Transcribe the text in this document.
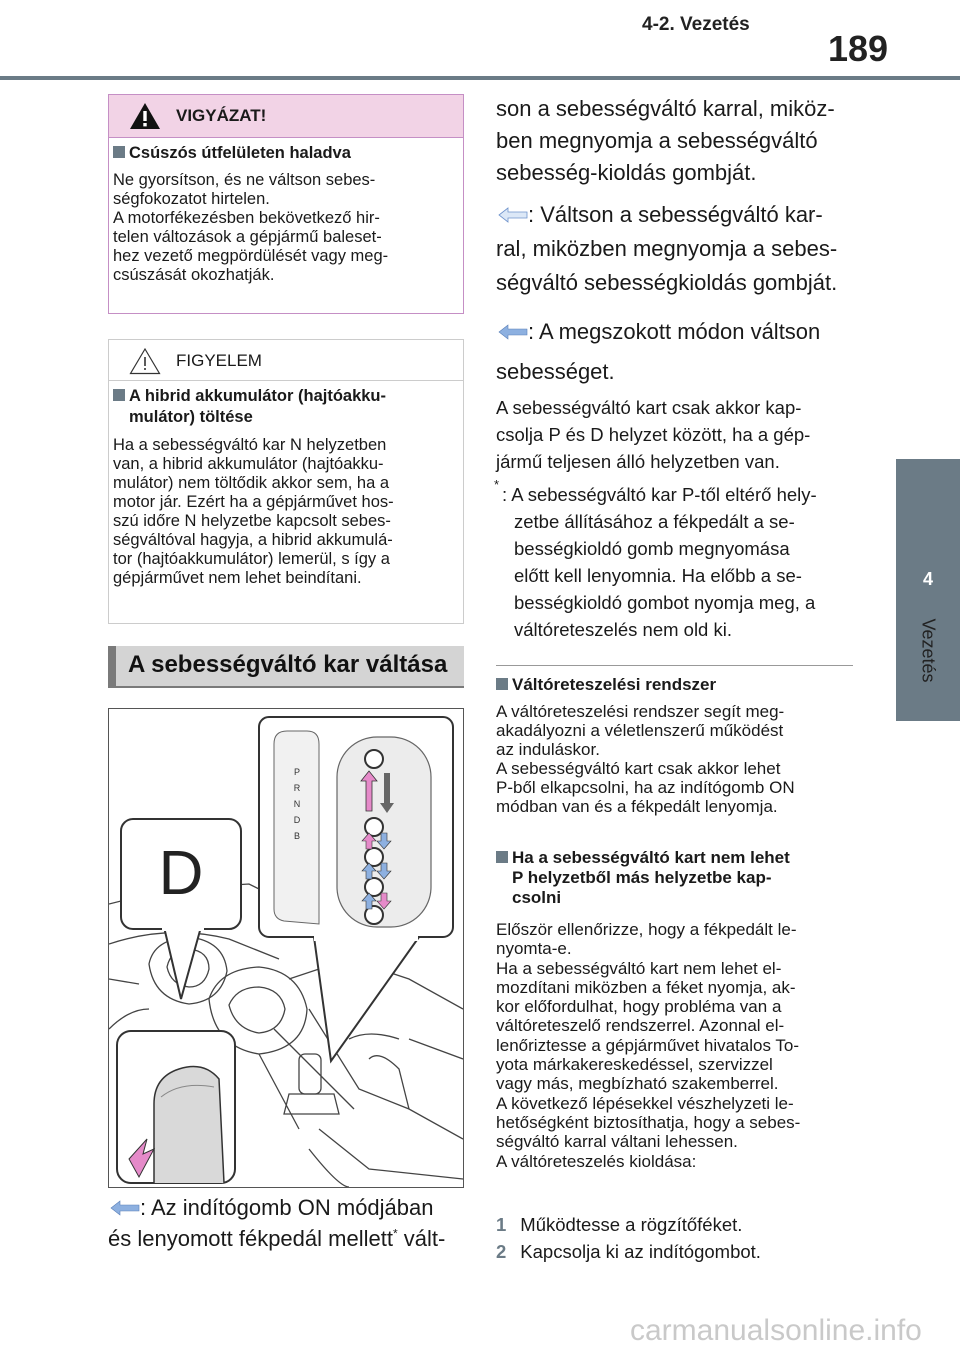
4-2. Vezetés
189
4
Vezetés
VIGYÁZAT!
Csúszós útfelületen haladva
Ne gyorsítson, és ne váltson sebes-
ségfokozatot hirtelen.
A motorfékezésben bekövetkező hir-
telen változások a gépjármű baleset-
hez vezető megpördülését vagy meg-
csúszását okozhatják.
FIGYELEM
A hibrid akkumulátor (hajtóakku-
mulátor) töltése
Ha a sebességváltó kar N helyzetben
van, a hibrid akkumulátor (hajtóakku-
mulátor) nem töltődik akkor sem, ha a
motor jár. Ezért ha a gépjárművet hos-
szú időre N helyzetbe kapcsolt sebes-
ségváltóval hagyja, a hibrid akkumulá-
tor (hajtóakkumulátor) lemerül, s így a
gépjárművet nem lehet beindítani.
A sebességváltó kar váltása
D
P
R
N
D
B
: Az indítógomb ON módjában
és lenyomott fékpedál mellett* vált-
son a sebességváltó karral, miköz-
ben megnyomja a sebességváltó
sebesség-kioldás gombját.
: Váltson a sebességváltó kar-
ral, miközben megnyomja a sebes-
ségváltó sebességkioldás gombját.
: A megszokott módon váltson
sebességet.
A sebességváltó kart csak akkor kap-
csolja P és D helyzet között, ha a gép-
jármű teljesen álló helyzetben van.
* : A sebességváltó kar P-től eltérő hely-
zetbe állításához a fékpedált a se-
bességkioldó gomb megnyomása
előtt kell lenyomnia. Ha előbb a se-
bességkioldó gombot nyomja meg, a
váltóreteszelés nem old ki.
Váltóreteszelési rendszer
A váltóreteszelési rendszer segít meg-
akadályozni a véletlenszerű működést
az induláskor.
A sebességváltó kart csak akkor lehet
P-ből elkapcsolni, ha az indítógomb ON
módban van és a fékpedált lenyomja.
Ha a sebességváltó kart nem lehet
P helyzetből más helyzetbe kap-
csolni
Először ellenőrizze, hogy a fékpedált le-
nyomta-e.
Ha a sebességváltó kart nem lehet el-
mozdítani miközben a féket nyomja, ak-
kor előfordulhat, hogy probléma van a
váltóreteszelő rendszerrel. Azonnal el-
lenőriztesse a gépjárművet hivatalos To-
yota márkakereskedéssel, szervizzel
vagy más, megbízható szakemberrel.
A következő lépésekkel vészhelyzeti le-
hetőségként biztosíthatja, hogy a sebes-
ségváltó karral váltani lehessen.
A váltóreteszelés kioldása:
1 Működtesse a rögzítőféket.
2 Kapcsolja ki az indítógombot.
carmanualsonline.info
